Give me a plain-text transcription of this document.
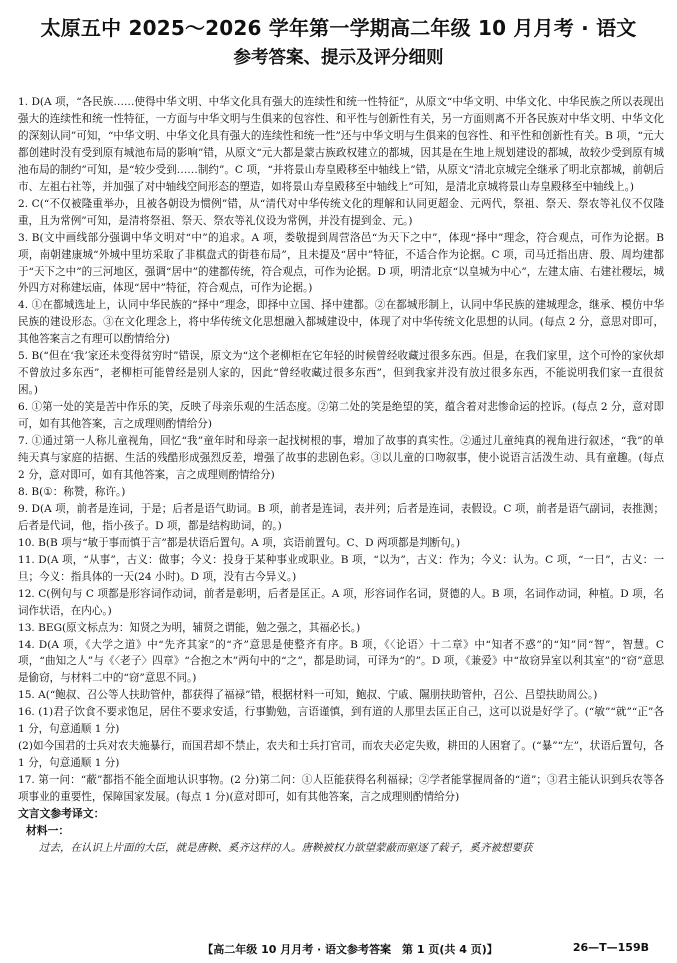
太原五中 2025～2026 学年第一学期高二年级 10 月月考 · 语文
参考答案、提示及评分细则

1. D(A 项，“各民族……使得中华文明、中华文化具有强大的连续性和统一性特征”，从原文“中华文明、中华文化、中华民族之所以表现出强大的连续性和统一性特征，一方面与中华文明与生俱来的包容性、和平性与创新性有关，另一方面则离不开各民族对中华文明、中华文化的深刻认同”可知，“中华文明、中华文化具有强大的连续性和统一性”还与中华文明与生俱来的包容性、和平性和创新性有关。B 项，“元大都创建时没有受到原有城池布局的影响”错，从原文“元大都是蒙古族政权建立的都城，因其是在生地上规划建设的都城，故较少受到原有城池布局的制约”可知，是“较少受到……制约”。C 项，“并将景山寿皇殿移至中轴线上”错，从原文“清北京城完全继承了明北京都城，前朝后市、左祖右社等，并加强了对中轴线空间形态的塑造，如将景山寿皇殿移至中轴线上”可知，是清北京城将景山寿皇殿移至中轴线上。)

2. C(“不仅被隆重举办，且被各朝设为惯例”错，从“清代对中华传统文化的理解和认同更超金、元两代，祭祖、祭天、祭农等礼仪不仅隆重，且为常例”可知，是清将祭祖、祭天、祭农等礼仪设为常例，并没有提到金、元。)

3. B(文中画线部分强调中华文明对“中”的追求。A 项，娄敬提到周营洛邑“为天下之中”，体现“择中”理念，符合观点，可作为论据。B 项，南朝建康城“外城中里坊采取了非棋盘式的街巷布局”，且未提及“居中”特征，不适合作为论据。C 项，司马迁指出唐、殷、周均建都于“天下之中”的三河地区，强调“居中”的建都传统，符合观点，可作为论据。D 项，明清北京“以皇城为中心”，左建太庙、右建社稷坛，城外四方对称建坛庙，体现“居中”特征，符合观点，可作为论据。)

4. ①在都城选址上，认同中华民族的“择中”理念，即择中立国、择中建都。②在都城形制上，认同中华民族的建城理念，继承、模仿中华民族的建设形态。③在文化理念上，将中华传统文化思想融入都城建设中，体现了对中华传统文化思想的认同。(每点 2 分，意思对即可，其他答案言之有理可以酌情给分)

5. B(“但在‘我’家还未变得贫穷时”错误，原文为“这个老柳柜在它年轻的时候曾经收藏过很多东西。但是，在我们家里，这个可怜的家伙却不曾放过多东西”，老柳柜可能曾经是别人家的，因此“曾经收藏过很多东西”，但到我家并没有放过很多东西，不能说明我们家一直很贫困。)

6. ①第一处的笑是苦中作乐的笑，反映了母亲乐观的生活态度。②第二处的笑是绝望的笑，蕴含着对悲惨命运的控诉。(每点 2 分，意对即可，如有其他答案，言之成理则酌情给分)

7. ①通过第一人称儿童视角，回忆“我”童年时和母亲一起找树根的事，增加了故事的真实性。②通过儿童纯真的视角进行叙述，“我”的单纯天真与家庭的拮据、生活的残酷形成强烈反差，增强了故事的悲剧色彩。③以儿童的口吻叙事，使小说语言活泼生动、具有童趣。(每点 2 分，意对即可，如有其他答案，言之成理则酌情给分)

8. B(①：称赞，称许。)

9. D(A 项，前者是连词，于是；后者是语气助词。B 项，前者是连词，表并列；后者是连词，表假设。C 项，前者是语气副词，表推测；后者是代词，他，指小孩子。D 项，都是结构助词，的。)

10. B(B 项与“敏于事而慎于言”都是状语后置句。A 项，宾语前置句。C、D 两项都是判断句。)

11. D(A 项，“从事”，古义：做事；今义：投身于某种事业或职业。B 项，“以为”，古义：作为；今义：认为。C 项，“一日”，古义：一旦；今义：指具体的一天(24 小时)。D 项，没有古今异义。)

12. C(例句与 C 项都是形容词作动词，前者是彰明，后者是匡正。A 项，形容词作名词，贤德的人。B 项，名词作动词，种植。D 项，名词作状语，在内心。)

13. BEG(原文标点为：知贤之为明，辅贤之谓能，勉之强之，其福必长。)

14. D(A 项，《大学之道》中“先齐其家”的“齐”意思是使整齐有序。B 项，《〈论语〉十二章》中“知者不惑”的“知”同“智”，智慧。C 项，“曲知之人”与《〈老子〉四章》“合抱之木”两句中的“之”，都是助词，可译为“的”。D 项，《兼爱》中“故窃异室以利其室”的“窃”意思是偷窃，与材料二中的“窃”意思不同。)

15. A(“鲍叔、召公等人扶助管仲，都获得了福禄”错，根据材料一可知，鲍叔、宁戚、隰朋扶助管仲，召公、吕望扶助周公。)

16. (1)君子饮食不要求饱足，居住不要求安适，行事勤勉，言语谨慎，到有道的人那里去匡正自己，这可以说是好学了。(“敏”“就”“正”各 1 分，句意通顺 1 分)

(2)如今国君的士兵对农夫施暴行，而国君却不禁止，农夫和士兵打官司，而农夫必定失败，耕田的人困窘了。(“暴”“左”，状语后置句，各 1 分，句意通顺 1 分)

17. 第一问：“蔽”都指不能全面地认识事物。(2 分)第二问：①人臣能获得名利福禄；②学者能掌握周备的“道”；③君主能认识到兵农等各项事业的重要性，保障国家发展。(每点 1 分)(意对即可，如有其他答案，言之成理则酌情给分)

文言文参考译文：

材料一：

过去，在认识上片面的大臣，就是唐鞅、奚齐这样的人。唐鞅被权力欲望蒙蔽而驱逐了载子，奚齐被想要获

【高二年级 10 月月考 · 语文参考答案　第 1 页(共 4 页)】	26—T—159B
